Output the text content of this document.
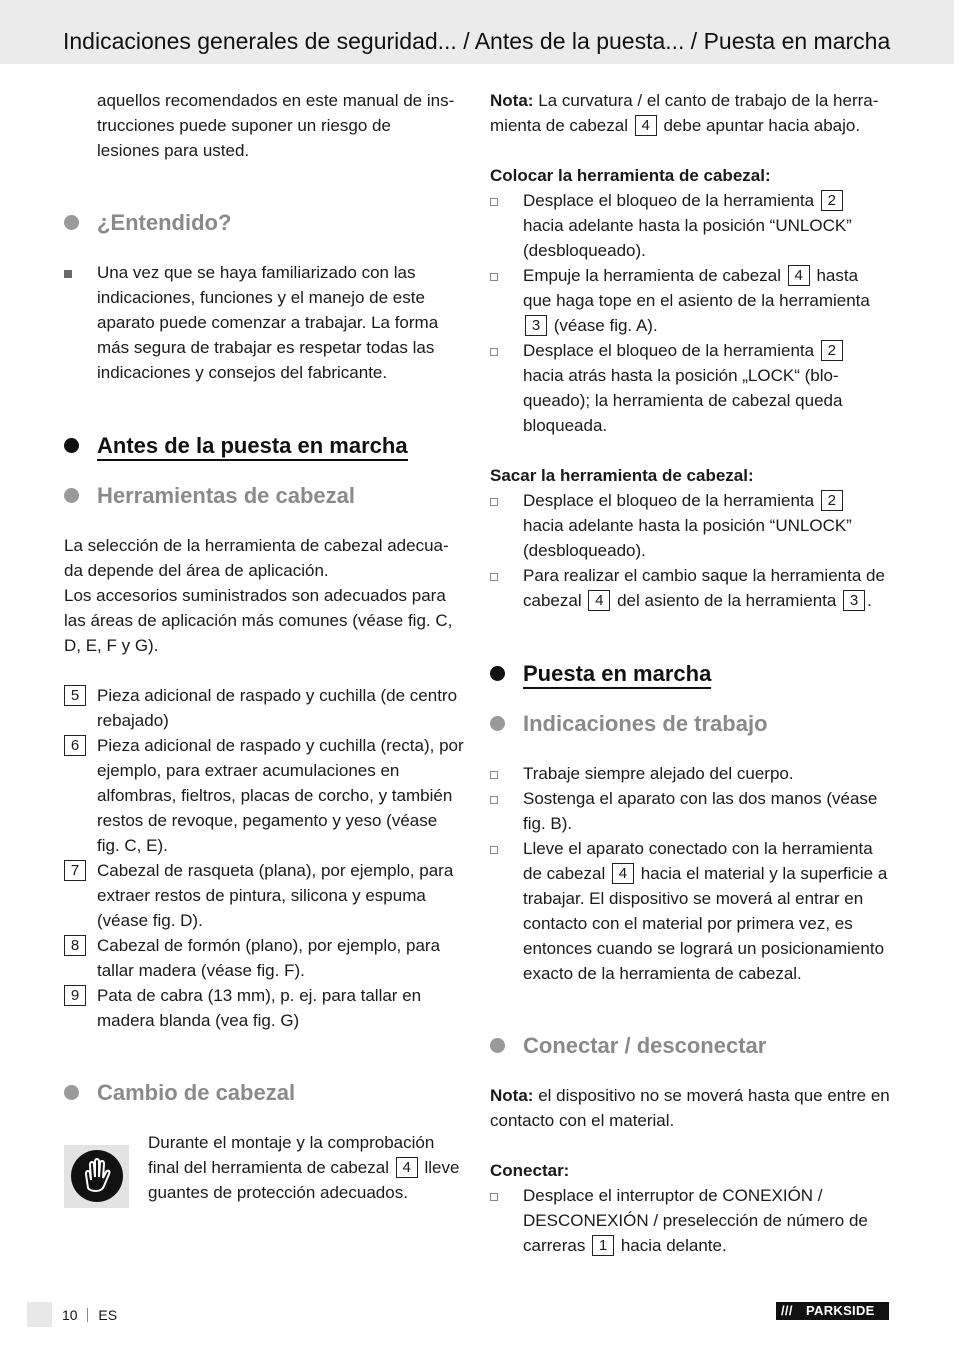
Indicaciones generales de seguridad... / Antes de la puesta... / Puesta en marcha

aquellos recomendados en este manual de ins- trucciones puede suponer un riesgo de lesiones para usted.

¿Entendido?
Una vez que se haya familiarizado con las indicaciones, funciones y el manejo de este aparato puede comenzar a trabajar. La forma más segura de trabajar es respetar todas las indicaciones y consejos del fabricante.
Antes de la puesta en marcha
Herramientas de cabezal

La selección de la herramienta de cabezal adecua- da depende del área de aplicación.

Los accesorios suministrados son adecuados para las áreas de aplicación más comunes (véase fig. C, D, E, F y G).

5	Pieza adicional de raspado y cuchilla (de centro rebajado)
6	Pieza adicional de raspado y cuchilla (recta), por ejemplo, para extraer acumulaciones en alfombras, fieltros, placas de corcho, y también restos de revoque, pegamento y yeso (véase fig. C, E).
7	Cabezal de rasqueta (plana), por ejemplo, para extraer restos de pintura, silicona y espuma (véase fig. D).
8	Cabezal de formón (plano), por ejemplo, para tallar madera (véase fig. F).
9	Pata de cabra (13 mm), p. ej. para tallar en madera blanda (vea fig. G)
Cambio de cabezal

Durante el montaje y la comprobación final del herramienta de cabezal 4 lleve guantes de protección adecuados.

Nota: La curvatura / el canto de trabajo de la herra- mienta de cabezal 4 debe apuntar hacia abajo.

Colocar la herramienta de cabezal:

Desplace el bloqueo de la herramienta 2 hacia adelante hasta la posición “UNLOCK” (desbloqueado).
Empuje la herramienta de cabezal 4 hasta que haga tope en el asiento de la herramienta 3 (véase fig. A).
Desplace el bloqueo de la herramienta 2 hacia atrás hasta la posición „LOCK“ (blo- queado); la herramienta de cabezal queda bloqueada.

Sacar la herramienta de cabezal:

Desplace el bloqueo de la herramienta 2 hacia adelante hasta la posición “UNLOCK” (desbloqueado).
Para realizar el cambio saque la herramienta de cabezal 4 del asiento de la herramienta 3 .
Puesta en marcha
Indicaciones de trabajo
Trabaje siempre alejado del cuerpo.
Sostenga el aparato con las dos manos (véase fig. B).
Lleve el aparato conectado con la herramienta de cabezal 4 hacia el material y la superficie a trabajar. El dispositivo se moverá al entrar en contacto con el material por primera vez, es entonces cuando se logrará un posicionamiento exacto de la herramienta de cabezal.
Conectar / desconectar

Nota: el dispositivo no se moverá hasta que entre en contacto con el material.

Conectar:

Desplace el interruptor de CONEXIÓN / DESCONEXIÓN / preselección de número de carreras 1 hacia delante.
10 ES	/// PARKSIDE
